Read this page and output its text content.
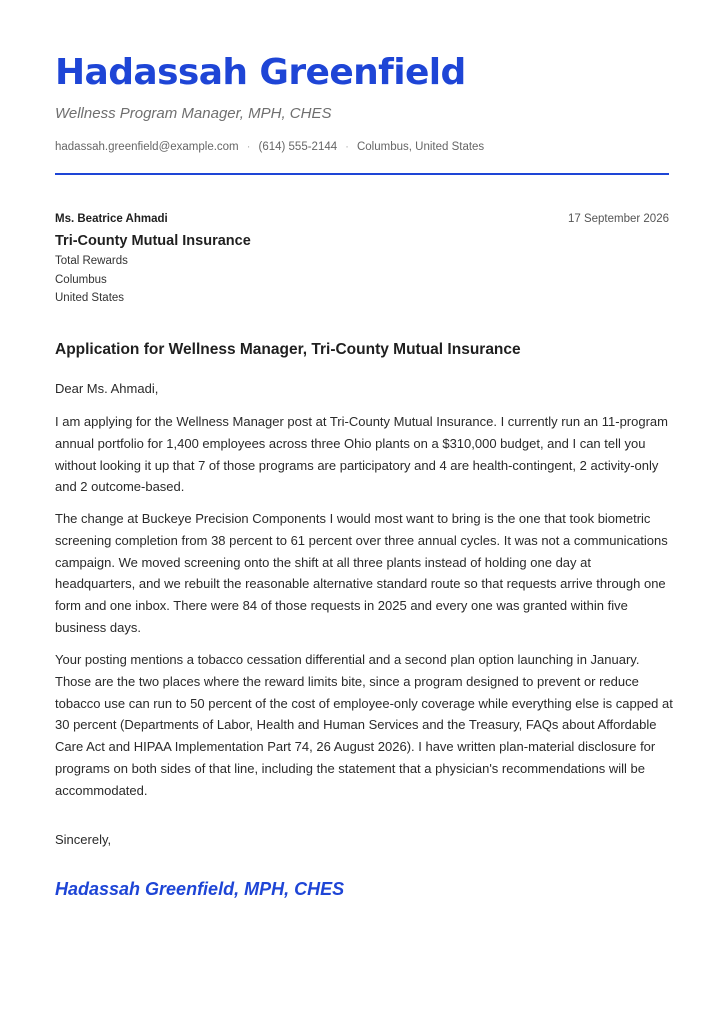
Hadassah Greenfield
Wellness Program Manager, MPH, CHES
hadassah.greenfield@example.com · (614) 555-2144 · Columbus, United States
Ms. Beatrice Ahmadi	17 September 2026
Tri-County Mutual Insurance
Total Rewards
Columbus
United States
Application for Wellness Manager, Tri-County Mutual Insurance
Dear Ms. Ahmadi,

I am applying for the Wellness Manager post at Tri-County Mutual Insurance. I currently run an 11-program annual portfolio for 1,400 employees across three Ohio plants on a $310,000 budget, and I can tell you without looking it up that 7 of those programs are participatory and 4 are health-contingent, 2 activity-only and 2 outcome-based.

The change at Buckeye Precision Components I would most want to bring is the one that took biometric screening completion from 38 percent to 61 percent over three annual cycles. It was not a communications campaign. We moved screening onto the shift at all three plants instead of holding one day at headquarters, and we rebuilt the reasonable alternative standard route so that requests arrive through one form and one inbox. There were 84 of those requests in 2025 and every one was granted within five business days.

Your posting mentions a tobacco cessation differential and a second plan option launching in January. Those are the two places where the reward limits bite, since a program designed to prevent or reduce tobacco use can run to 50 percent of the cost of employee-only coverage while everything else is capped at 30 percent (Departments of Labor, Health and Human Services and the Treasury, FAQs about Affordable Care Act and HIPAA Implementation Part 74, 26 August 2026). I have written plan-material disclosure for programs on both sides of that line, including the statement that a physician's recommendations will be accommodated.

Sincerely,
Hadassah Greenfield, MPH, CHES
